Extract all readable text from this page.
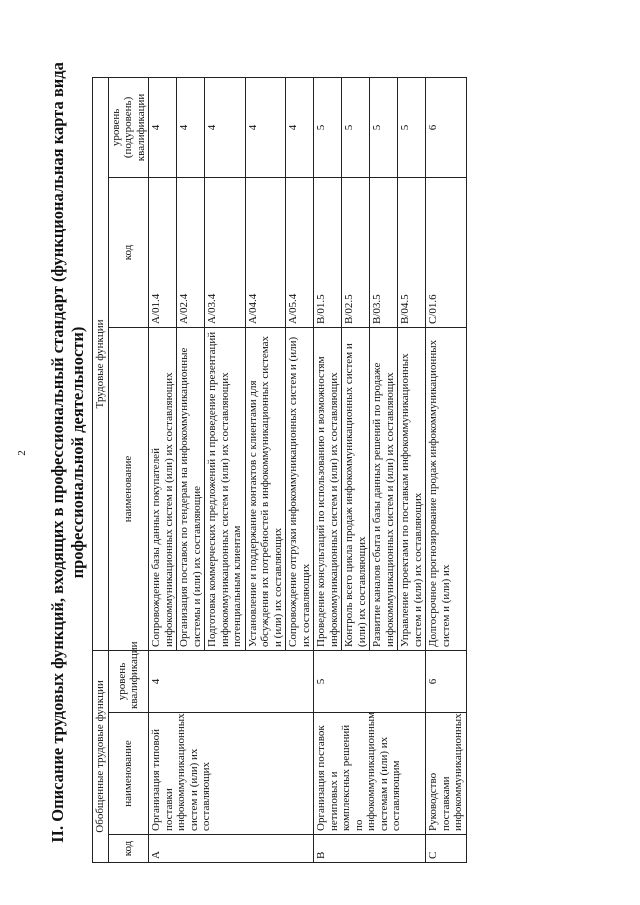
2 II. Описание трудовых функций, входящих в профессиональный стандарт (функциональная карта вида профессиональной деятельности)
Обобщенные трудовые функции			Трудовые функции		
код	наименование	уровень квалификации	наименование	код	уровень (подуровень) квалификации
A	Организация типовой поставки инфокоммуникационных систем и (или) их составляющих	4	Сопровождение базы данных покупателей инфокоммуникационных систем и (или) их составляющих	A/01.4	4
			Организация поставок по тендерам на инфокоммуникационные системы и (или) их составляющие	A/02.4	4
			Подготовка коммерческих предложений и проведение презентаций инфокоммуникационных систем и (или) их составляющих потенциальным клиентам	A/03.4	4
			Установление и поддержание контактов с клиентами для обсуждения их потребностей в инфокоммуникационных системах и (или) их составляющих	A/04.4	4
			Сопровождение отгрузки инфокоммуникационных систем и (или) их составляющих	A/05.4	4
B	Организация поставок нетиповых и комплексных решений по инфокоммуникационным системам и (или) их составляющим	5	Проведение консультаций по использованию и возможностям инфокоммуникационных систем и (или) их составляющих	B/01.5	5
			Контроль всего цикла продаж инфокоммуникационных систем и (или) их составляющих	B/02.5	5
			Развитие каналов сбыта и базы данных решений по продаже инфокоммуникационных систем и (или) их составляющих	B/03.5	5
			Управление проектами по поставкам инфокоммуникационных систем и (или) их составляющих	B/04.5	5
C	Руководство поставками инфокоммуникационных	6	Долгосрочное прогнозирование продаж инфокоммуникационных систем и (или) их	C/01.6	6
